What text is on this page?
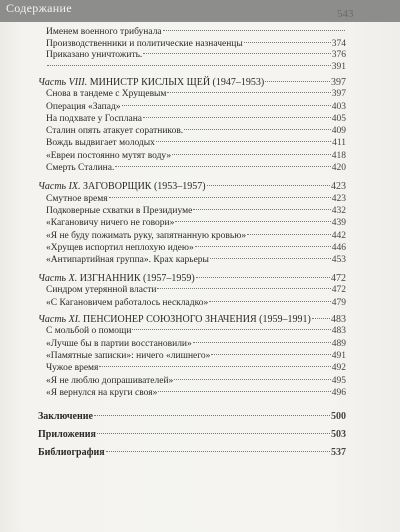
Содержание	543
Именем военного трибунала
Производственники и политические назначенцы	374
Приказано уничтожить.	376
391
Часть VIII. МИНИСТР КИСЛЫХ ЩЕЙ (1947–1953)	397
Снова в тандеме с Хрущевым	397
Операция «Запад»	403
На подхвате у Госплана	405
Сталин опять атакует соратников.	409
Вождь выдвигает молодых	411
«Евреи постоянно мутят воду»	418
Смерть Сталина.	420
Часть IX. ЗАГОВОРЩИК (1953–1957)	423
Смутное время	423
Подковерные схватки в Президиуме	432
«Кагановичу ничего не говори»	439
«Я не буду пожимать руку, запятнанную кровью»	442
«Хрущев испортил неплохую идею»	446
«Антипартийная группа». Крах карьеры	453
Часть X. ИЗГНАННИК (1957–1959)	472
Синдром утерянной власти	472
«С Кагановичем работалось нескладко»	479
Часть XI. ПЕНСИОНЕР СОЮЗНОГО ЗНАЧЕНИЯ (1959–1991) 483
С мольбой о помощи	483
«Лучше бы в партии восстановили»	489
«Памятные записки»: ничего «лишнего»	491
Чужое время	492
«Я не люблю допрашивателей»	495
«Я вернулся на круги своя»	496
Заключение	500
Приложения	503
Библиография	537
